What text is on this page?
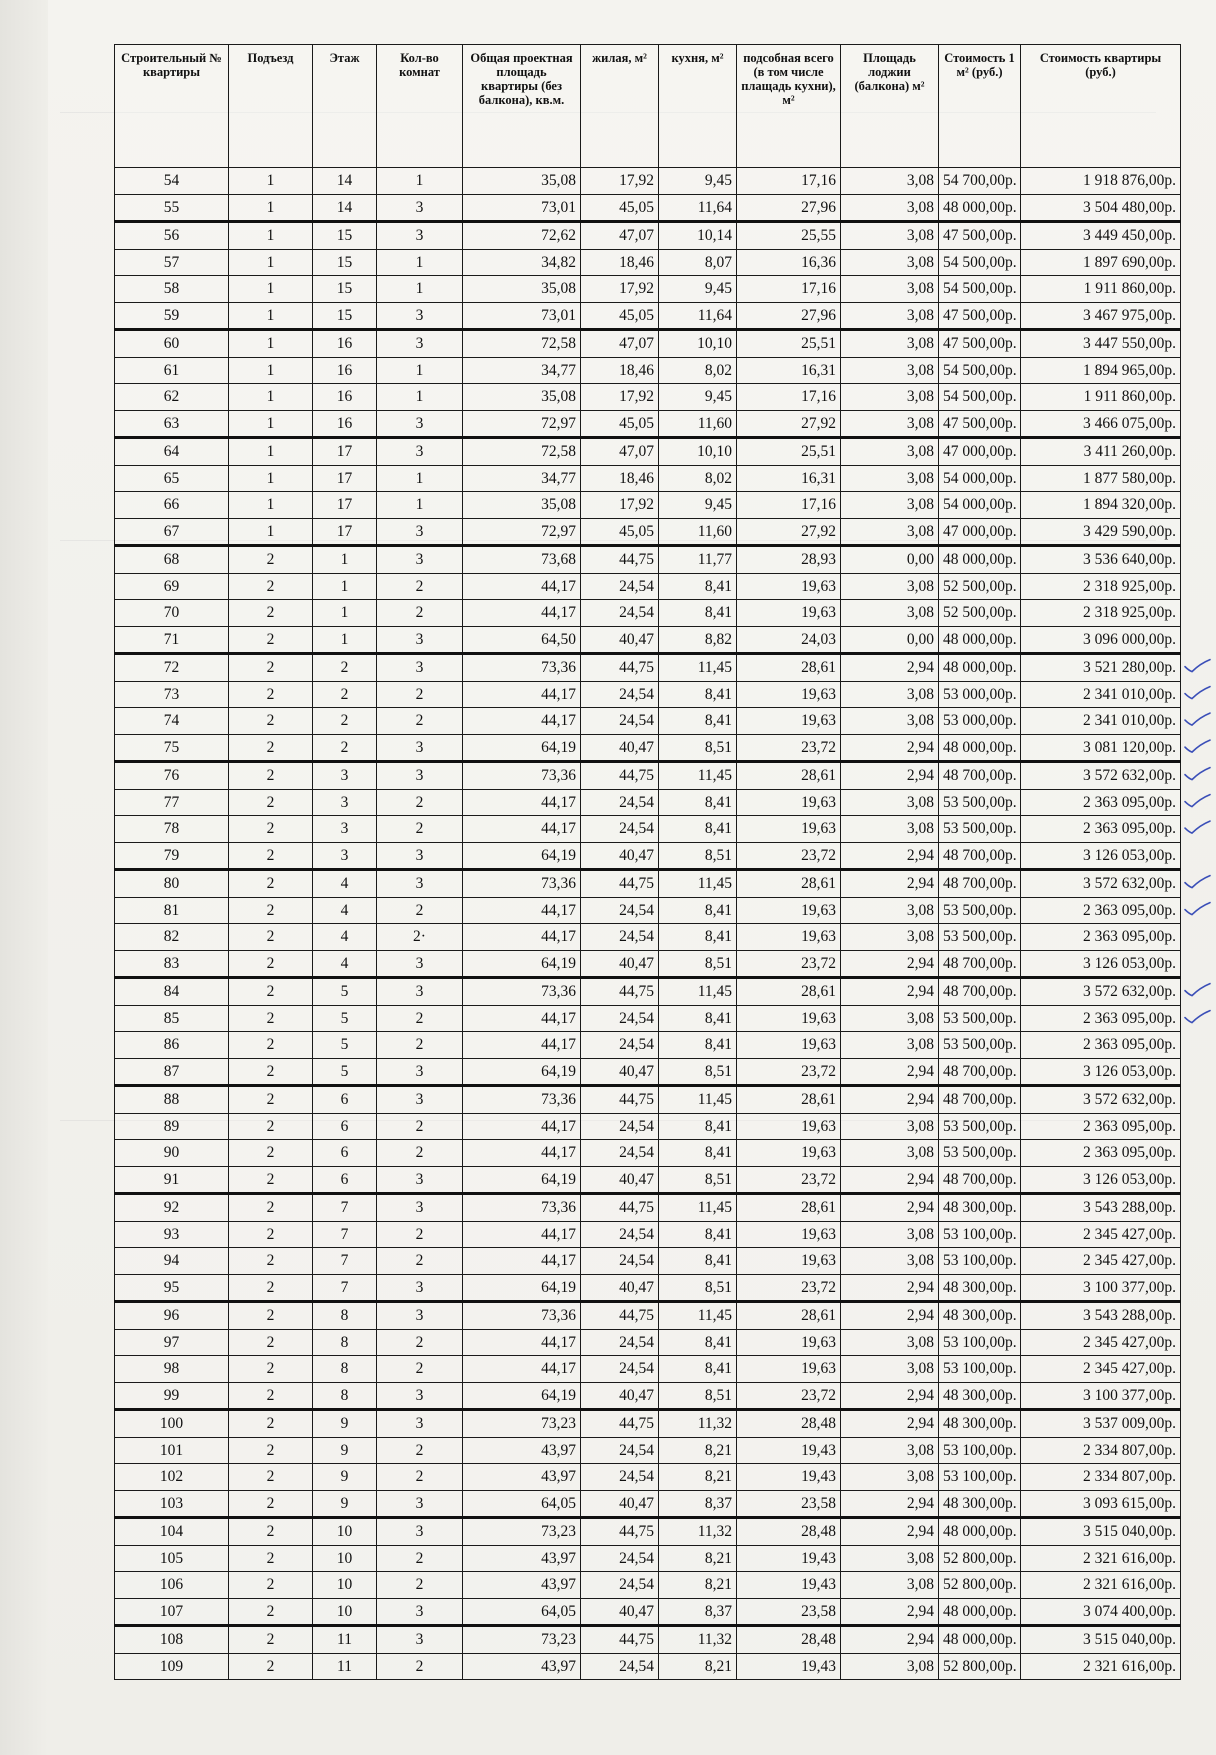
Строительный № квартиры	Подъезд	Этаж	Кол-во комнат	Общая проектная площадь квартиры (без балкона), кв.м.	жилая, м²	кухня, м²	подсобная всего (в том числе плащадь кухни), м²	Площадь лоджии (балкона) м²	Стоимость 1 м² (руб.)	Стоимость квартиры (руб.)
54	1	14	1	35,08	17,92	9,45	17,16	3,08	54 700,00р.	1 918 876,00р.
55	1	14	3	73,01	45,05	11,64	27,96	3,08	48 000,00р.	3 504 480,00р.
56	1	15	3	72,62	47,07	10,14	25,55	3,08	47 500,00р.	3 449 450,00р.
57	1	15	1	34,82	18,46	8,07	16,36	3,08	54 500,00р.	1 897 690,00р.
58	1	15	1	35,08	17,92	9,45	17,16	3,08	54 500,00р.	1 911 860,00р.
59	1	15	3	73,01	45,05	11,64	27,96	3,08	47 500,00р.	3 467 975,00р.
60	1	16	3	72,58	47,07	10,10	25,51	3,08	47 500,00р.	3 447 550,00р.
61	1	16	1	34,77	18,46	8,02	16,31	3,08	54 500,00р.	1 894 965,00р.
62	1	16	1	35,08	17,92	9,45	17,16	3,08	54 500,00р.	1 911 860,00р.
63	1	16	3	72,97	45,05	11,60	27,92	3,08	47 500,00р.	3 466 075,00р.
64	1	17	3	72,58	47,07	10,10	25,51	3,08	47 000,00р.	3 411 260,00р.
65	1	17	1	34,77	18,46	8,02	16,31	3,08	54 000,00р.	1 877 580,00р.
66	1	17	1	35,08	17,92	9,45	17,16	3,08	54 000,00р.	1 894 320,00р.
67	1	17	3	72,97	45,05	11,60	27,92	3,08	47 000,00р.	3 429 590,00р.
68	2	1	3	73,68	44,75	11,77	28,93	0,00	48 000,00р.	3 536 640,00р.
69	2	1	2	44,17	24,54	8,41	19,63	3,08	52 500,00р.	2 318 925,00р.
70	2	1	2	44,17	24,54	8,41	19,63	3,08	52 500,00р.	2 318 925,00р.
71	2	1	3	64,50	40,47	8,82	24,03	0,00	48 000,00р.	3 096 000,00р.
72	2	2	3	73,36	44,75	11,45	28,61	2,94	48 000,00р.	3 521 280,00р.
73	2	2	2	44,17	24,54	8,41	19,63	3,08	53 000,00р.	2 341 010,00р.
74	2	2	2	44,17	24,54	8,41	19,63	3,08	53 000,00р.	2 341 010,00р.
75	2	2	3	64,19	40,47	8,51	23,72	2,94	48 000,00р.	3 081 120,00р.
76	2	3	3	73,36	44,75	11,45	28,61	2,94	48 700,00р.	3 572 632,00р.
77	2	3	2	44,17	24,54	8,41	19,63	3,08	53 500,00р.	2 363 095,00р.
78	2	3	2	44,17	24,54	8,41	19,63	3,08	53 500,00р.	2 363 095,00р.
79	2	3	3	64,19	40,47	8,51	23,72	2,94	48 700,00р.	3 126 053,00р.
80	2	4	3	73,36	44,75	11,45	28,61	2,94	48 700,00р.	3 572 632,00р.
81	2	4	2	44,17	24,54	8,41	19,63	3,08	53 500,00р.	2 363 095,00р.
82	2	4	2·	44,17	24,54	8,41	19,63	3,08	53 500,00р.	2 363 095,00р.
83	2	4	3	64,19	40,47	8,51	23,72	2,94	48 700,00р.	3 126 053,00р.
84	2	5	3	73,36	44,75	11,45	28,61	2,94	48 700,00р.	3 572 632,00р.
85	2	5	2	44,17	24,54	8,41	19,63	3,08	53 500,00р.	2 363 095,00р.
86	2	5	2	44,17	24,54	8,41	19,63	3,08	53 500,00р.	2 363 095,00р.
87	2	5	3	64,19	40,47	8,51	23,72	2,94	48 700,00р.	3 126 053,00р.
88	2	6	3	73,36	44,75	11,45	28,61	2,94	48 700,00р.	3 572 632,00р.
89	2	6	2	44,17	24,54	8,41	19,63	3,08	53 500,00р.	2 363 095,00р.
90	2	6	2	44,17	24,54	8,41	19,63	3,08	53 500,00р.	2 363 095,00р.
91	2	6	3	64,19	40,47	8,51	23,72	2,94	48 700,00р.	3 126 053,00р.
92	2	7	3	73,36	44,75	11,45	28,61	2,94	48 300,00р.	3 543 288,00р.
93	2	7	2	44,17	24,54	8,41	19,63	3,08	53 100,00р.	2 345 427,00р.
94	2	7	2	44,17	24,54	8,41	19,63	3,08	53 100,00р.	2 345 427,00р.
95	2	7	3	64,19	40,47	8,51	23,72	2,94	48 300,00р.	3 100 377,00р.
96	2	8	3	73,36	44,75	11,45	28,61	2,94	48 300,00р.	3 543 288,00р.
97	2	8	2	44,17	24,54	8,41	19,63	3,08	53 100,00р.	2 345 427,00р.
98	2	8	2	44,17	24,54	8,41	19,63	3,08	53 100,00р.	2 345 427,00р.
99	2	8	3	64,19	40,47	8,51	23,72	2,94	48 300,00р.	3 100 377,00р.
100	2	9	3	73,23	44,75	11,32	28,48	2,94	48 300,00р.	3 537 009,00р.
101	2	9	2	43,97	24,54	8,21	19,43	3,08	53 100,00р.	2 334 807,00р.
102	2	9	2	43,97	24,54	8,21	19,43	3,08	53 100,00р.	2 334 807,00р.
103	2	9	3	64,05	40,47	8,37	23,58	2,94	48 300,00р.	3 093 615,00р.
104	2	10	3	73,23	44,75	11,32	28,48	2,94	48 000,00р.	3 515 040,00р.
105	2	10	2	43,97	24,54	8,21	19,43	3,08	52 800,00р.	2 321 616,00р.
106	2	10	2	43,97	24,54	8,21	19,43	3,08	52 800,00р.	2 321 616,00р.
107	2	10	3	64,05	40,47	8,37	23,58	2,94	48 000,00р.	3 074 400,00р.
108	2	11	3	73,23	44,75	11,32	28,48	2,94	48 000,00р.	3 515 040,00р.
109	2	11	2	43,97	24,54	8,21	19,43	3,08	52 800,00р.	2 321 616,00р.
